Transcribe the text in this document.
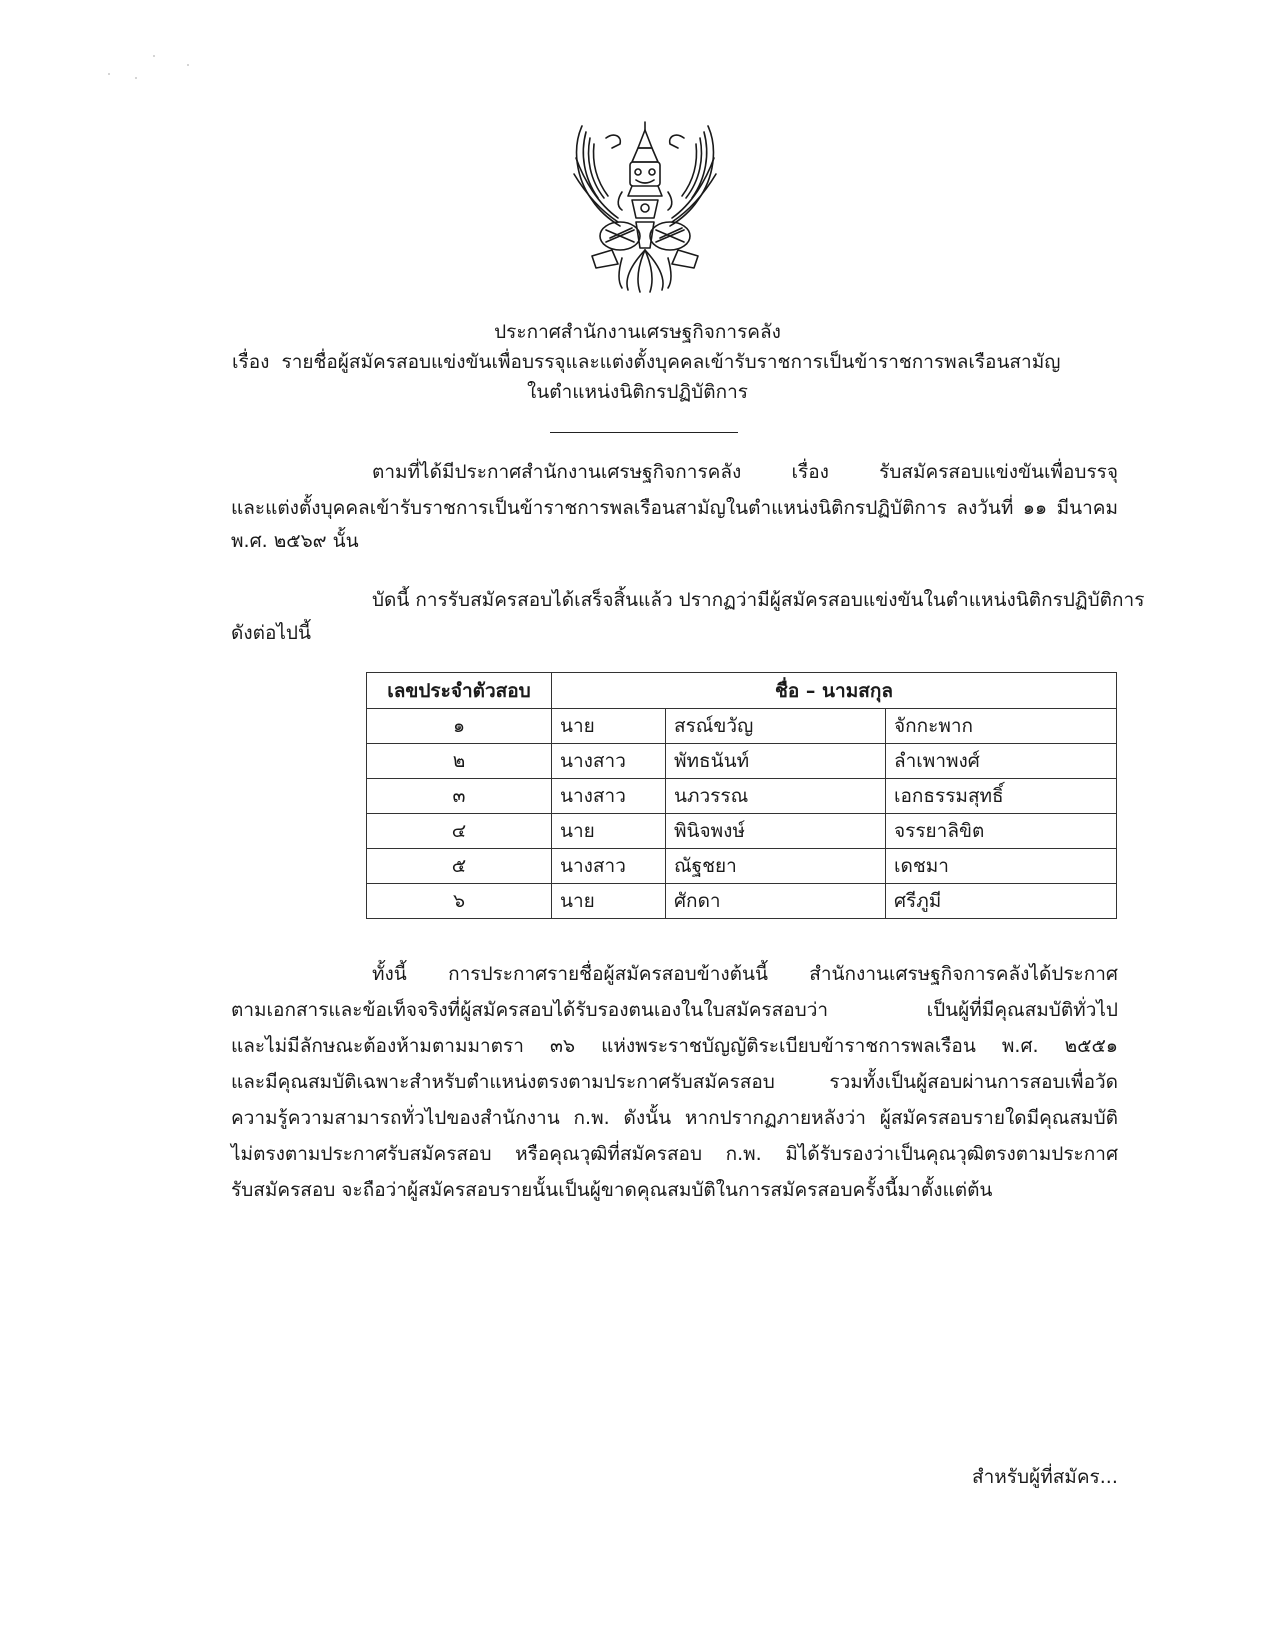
ประกาศสำนักงานเศรษฐกิจการคลัง
เรื่อง รายชื่อผู้สมัครสอบแข่งขันเพื่อบรรจุและแต่งตั้งบุคคลเข้ารับราชการเป็นข้าราชการพลเรือนสามัญ
ในตำแหน่งนิติกรปฏิบัติการ
ตามที่ได้มีประกาศสำนักงานเศรษฐกิจการคลัง เรื่อง รับสมัครสอบแข่งขันเพื่อบรรจุ
และแต่งตั้งบุคคลเข้ารับราชการเป็นข้าราชการพลเรือนสามัญในตำแหน่งนิติกรปฏิบัติการ ลงวันที่ ๑๑ มีนาคม
พ.ศ. ๒๕๖๙ นั้น
บัดนี้ การรับสมัครสอบได้เสร็จสิ้นแล้ว ปรากฏว่ามีผู้สมัครสอบแข่งขันในตำแหน่งนิติกรปฏิบัติการ
ดังต่อไปนี้
เลขประจำตัวสอบ	ชื่อ – นามสกุล		
๑	นาย	สรณ์ขวัญ	จักกะพาก
๒	นางสาว	พัทธนันท์	ลำเพาพงศ์
๓	นางสาว	นภวรรณ	เอกธรรมสุทธิ์
๔	นาย	พินิจพงษ์	จรรยาลิขิต
๕	นางสาว	ณัฐชยา	เดชมา
๖	นาย	ศักดา	ศรีภูมี
ทั้งนี้ การประกาศรายชื่อผู้สมัครสอบข้างต้นนี้ สำนักงานเศรษฐกิจการคลังได้ประกาศ
ตามเอกสารและข้อเท็จจริงที่ผู้สมัครสอบได้รับรองตนเองในใบสมัครสอบว่า เป็นผู้ที่มีคุณสมบัติทั่วไป
และไม่มีลักษณะต้องห้ามตามมาตรา ๓๖ แห่งพระราชบัญญัติระเบียบข้าราชการพลเรือน พ.ศ. ๒๕๕๑
และมีคุณสมบัติเฉพาะสำหรับตำแหน่งตรงตามประกาศรับสมัครสอบ รวมทั้งเป็นผู้สอบผ่านการสอบเพื่อวัด
ความรู้ความสามารถทั่วไปของสำนักงาน ก.พ. ดังนั้น หากปรากฏภายหลังว่า ผู้สมัครสอบรายใดมีคุณสมบัติ
ไม่ตรงตามประกาศรับสมัครสอบ หรือคุณวุฒิที่สมัครสอบ ก.พ. มิได้รับรองว่าเป็นคุณวุฒิตรงตามประกาศ
รับสมัครสอบ จะถือว่าผู้สมัครสอบรายนั้นเป็นผู้ขาดคุณสมบัติในการสมัครสอบครั้งนี้มาตั้งแต่ต้น
สำหรับผู้ที่สมัคร...
